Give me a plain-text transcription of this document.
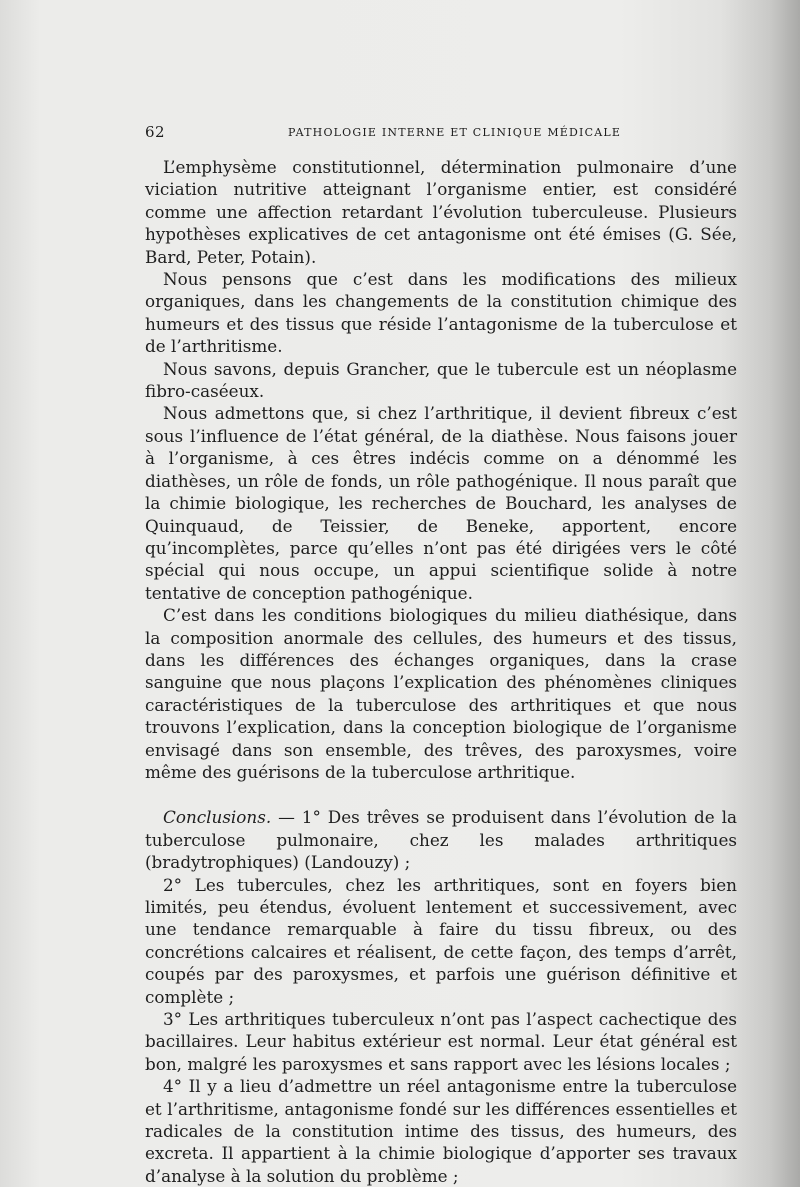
62	PATHOLOGIE INTERNE ET CLINIQUE MÉDICALE

L’emphysème constitutionnel, détermination pulmonaire d’une viciation nutritive atteignant l’organisme entier, est considéré comme une affection retardant l’évolution tuberculeuse. Plusieurs hypothèses explicatives de cet antagonisme ont été émises (G. Sée, Bard, Peter, Potain).

Nous pensons que c’est dans les modifications des milieux organiques, dans les changements de la constitution chimique des humeurs et des tissus que réside l’antagonisme de la tuberculose et de l’arthritisme.

Nous savons, depuis Grancher, que le tubercule est un néoplasme fibro-caséeux.

Nous admettons que, si chez l’arthritique, il devient fibreux c’est sous l’influence de l’état général, de la diathèse. Nous faisons jouer à l’organisme, à ces êtres indécis comme on a dénommé les diathèses, un rôle de fonds, un rôle pathogénique. Il nous paraît que la chimie biologique, les recherches de Bouchard, les analyses de Quinquaud, de Teissier, de Beneke, apportent, encore qu’incomplètes, parce qu’elles n’ont pas été dirigées vers le côté spécial qui nous occupe, un appui scientifique solide à notre tentative de conception pathogénique.

C’est dans les conditions biologiques du milieu diathésique, dans la composition anormale des cellules, des humeurs et des tissus, dans les différences des échanges organiques, dans la crase sanguine que nous plaçons l’explication des phénomènes cliniques caractéristiques de la tuberculose des arthritiques et que nous trouvons l’explication, dans la conception biologique de l’organisme envisagé dans son ensemble, des trêves, des paroxysmes, voire même des guérisons de la tuberculose arthritique.

Conclusions. — 1° Des trêves se produisent dans l’évolution de la tuberculose pulmonaire, chez les malades arthritiques (bradytrophiques) (Landouzy) ;

2° Les tubercules, chez les arthritiques, sont en foyers bien limités, peu étendus, évoluent lentement et successivement, avec une tendance remarquable à faire du tissu fibreux, ou des concrétions calcaires et réalisent, de cette façon, des temps d’arrêt, coupés par des paroxysmes, et parfois une guérison définitive et complète ;

3° Les arthritiques tuberculeux n’ont pas l’aspect cachectique des bacillaires. Leur habitus extérieur est normal. Leur état général est bon, malgré les paroxysmes et sans rapport avec les lésions locales ;

4° Il y a lieu d’admettre un réel antagonisme entre la tuberculose et l’arthritisme, antagonisme fondé sur les différences essentielles et radicales de la constitution intime des tissus, des humeurs, des excreta. Il appartient à la chimie biologique d’apporter ses travaux d’analyse à la solution du problème ;
